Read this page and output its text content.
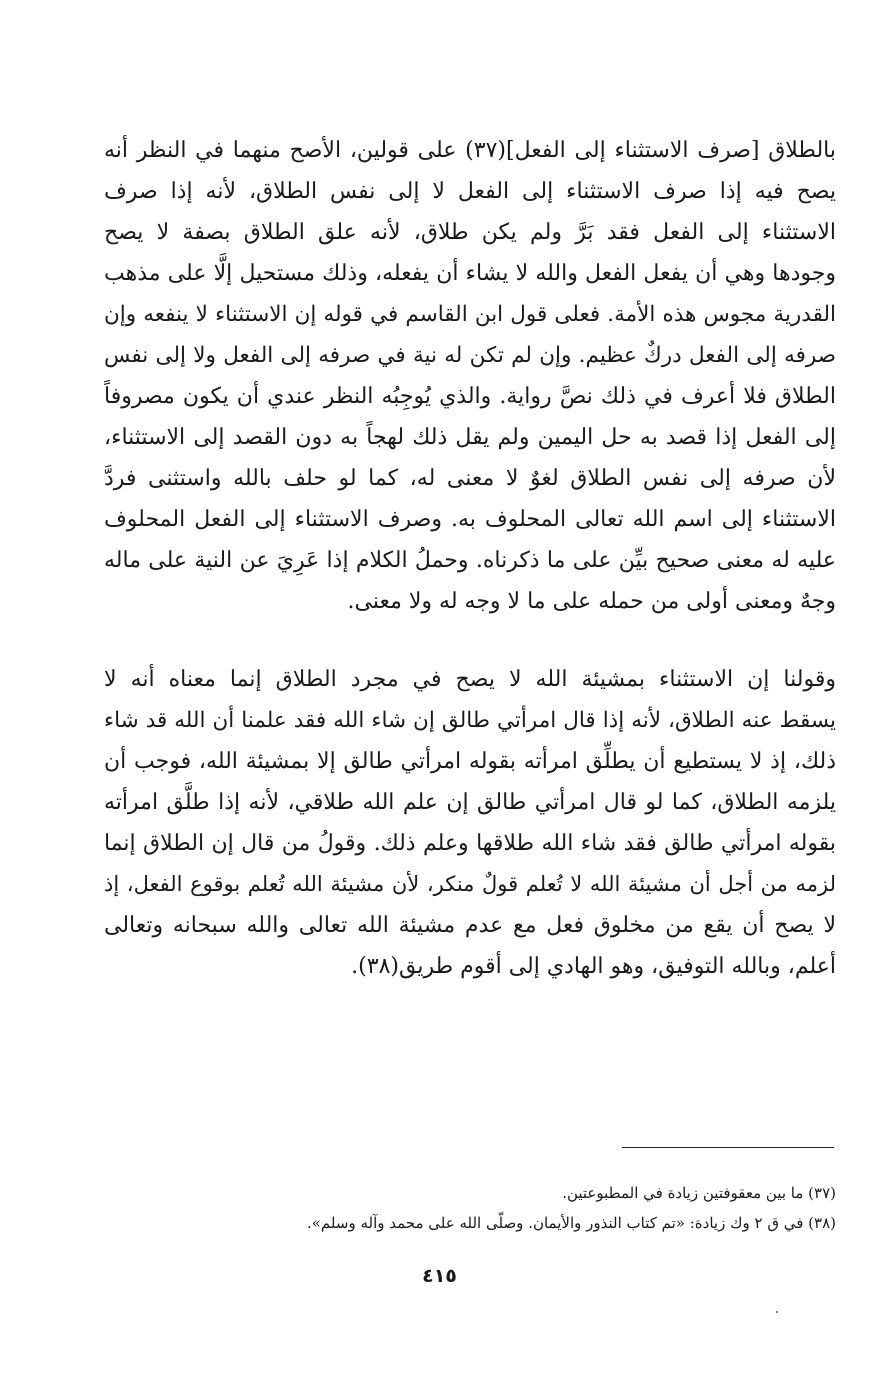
بالطلاق [صرف الاستثناء إلى الفعل](٣٧) على قولين، الأصح منهما في النظر أنه
يصح فيه إذا صرف الاستثناء إلى الفعل لا إلى نفس الطلاق، لأنه إذا صرف
الاستثناء إلى الفعل فقد بَرَّ ولم يكن طلاق، لأنه علق الطلاق بصفة لا يصح
وجودها وهي أن يفعل الفعل والله لا يشاء أن يفعله، وذلك مستحيل إلَّا على مذهب
القدرية مجوس هذه الأمة. فعلى قول ابن القاسم في قوله إن الاستثناء لا ينفعه وإن
صرفه إلى الفعل دركٌ عظيم. وإن لم تكن له نية في صرفه إلى الفعل ولا إلى نفس
الطلاق فلا أعرف في ذلك نصَّ رواية. والذي يُوجِبُه النظر عندي أن يكون مصروفاً
إلى الفعل إذا قصد به حل اليمين ولم يقل ذلك لهجاً به دون القصد إلى الاستثناء،
لأن صرفه إلى نفس الطلاق لغوٌ لا معنى له، كما لو حلف بالله واستثنى فردَّ
الاستثناء إلى اسم الله تعالى المحلوف به. وصرف الاستثناء إلى الفعل المحلوف
عليه له معنى صحيح بيِّن على ما ذكرناه. وحملُ الكلام إذا عَرِيَ عن النية على ماله
وجهٌ ومعنى أولى من حمله على ما لا وجه له ولا معنى.
وقولنا إن الاستثناء بمشيئة الله لا يصح في مجرد الطلاق إنما معناه أنه لا
يسقط عنه الطلاق، لأنه إذا قال امرأتي طالق إن شاء الله فقد علمنا أن الله قد شاء
ذلك، إذ لا يستطيع أن يطلِّق امرأته بقوله امرأتي طالق إلا بمشيئة الله، فوجب أن
يلزمه الطلاق، كما لو قال امرأتي طالق إن علم الله طلاقي، لأنه إذا طلَّق امرأته
بقوله امرأتي طالق فقد شاء الله طلاقها وعلم ذلك. وقولُ من قال إن الطلاق إنما
لزمه من أجل أن مشيئة الله لا تُعلم قولٌ منكر، لأن مشيئة الله تُعلم بوقوع الفعل، إذ
لا يصح أن يقع من مخلوق فعل مع عدم مشيئة الله تعالى والله سبحانه وتعالى
أعلم، وبالله التوفيق، وهو الهادي إلى أقوم طريق(٣٨).
(٣٧) ما بين معقوفتين زيادة في المطبوعتين.
(٣٨) في ق ٢ وك زيادة: «تم كتاب النذور والأيمان. وصلّى الله على محمد وآله وسلم».
٤١٥
